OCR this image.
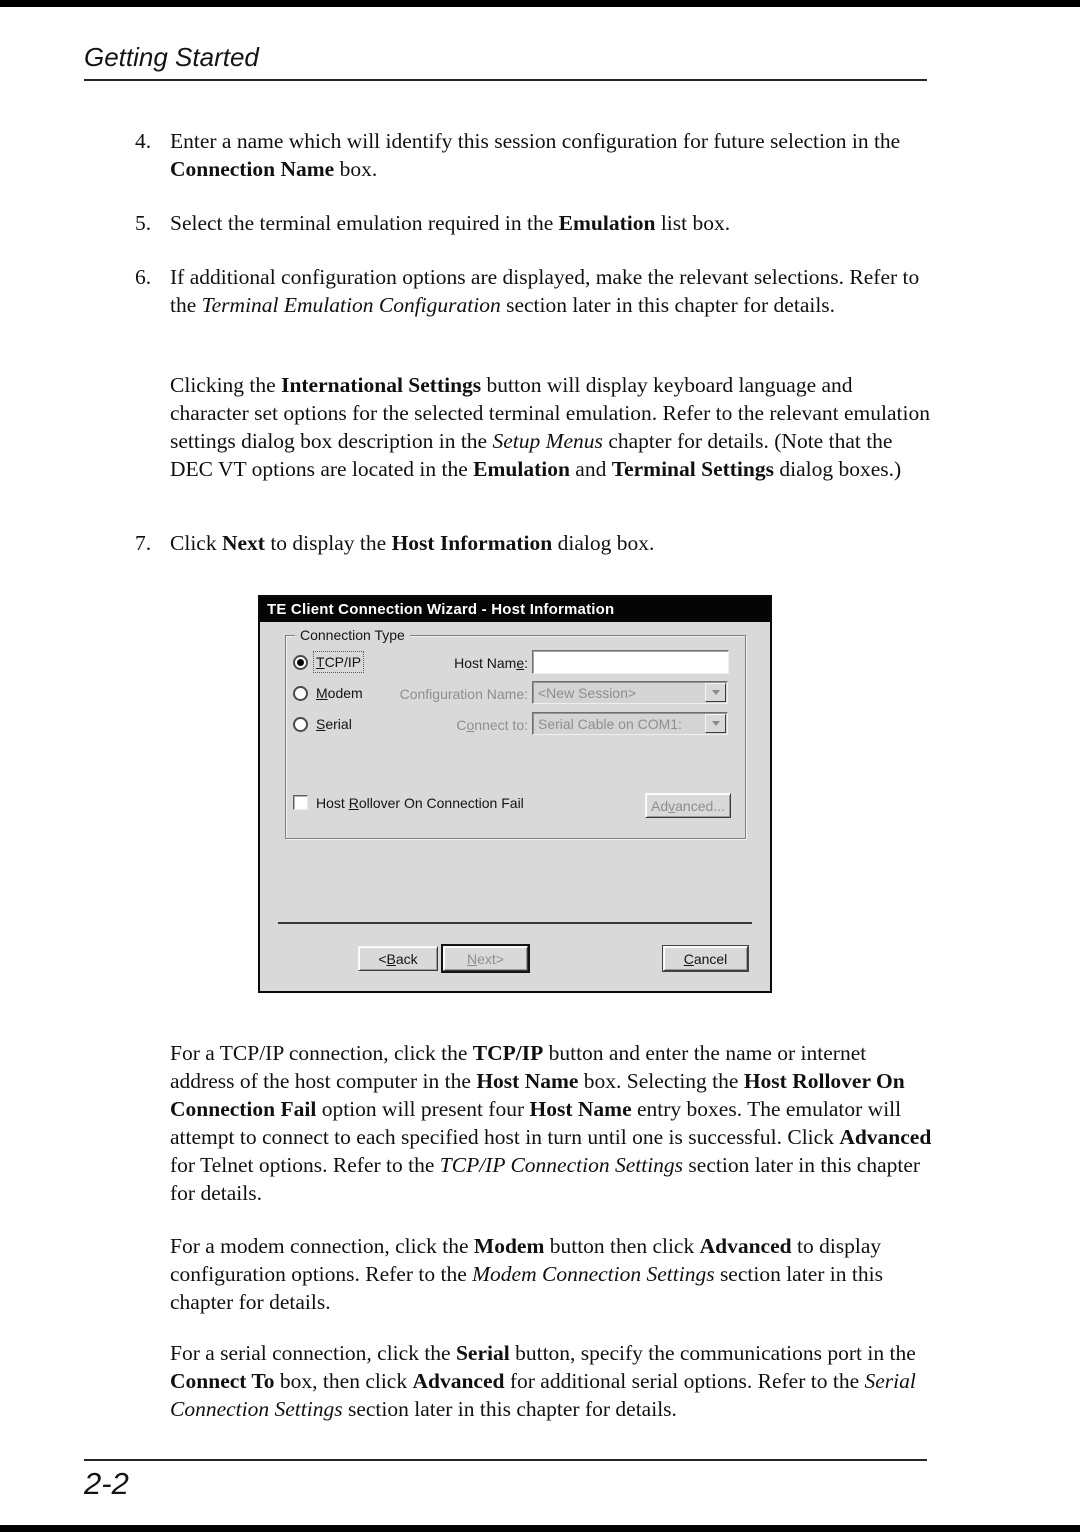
Getting Started
4. Enter a name which will identify this session configuration for future selection in the Connection Name box.
5. Select the terminal emulation required in the Emulation list box.
6. If additional configuration options are displayed, make the relevant selections. Refer to the Terminal Emulation Configuration section later in this chapter for details.
Clicking the International Settings button will display keyboard language and character set options for the selected terminal emulation. Refer to the relevant emulation settings dialog box description in the Setup Menus chapter for details. (Note that the DEC VT options are located in the Emulation and Terminal Settings dialog boxes.)
7. Click Next to display the Host Information dialog box.
TE Client Connection Wizard - Host Information
Connection Type
TCP/IP
Modem
Serial
Host Name:
Configuration Name: <New Session>
Connect to: Serial Cable on COM1:
Host Rollover On Connection Fail	Advanced...
<Back	Next>	Cancel
For a TCP/IP connection, click the TCP/IP button and enter the name or internet address of the host computer in the Host Name box. Selecting the Host Rollover On Connection Fail option will present four Host Name entry boxes. The emulator will attempt to connect to each specified host in turn until one is successful. Click Advanced for Telnet options. Refer to the TCP/IP Connection Settings section later in this chapter for details.
For a modem connection, click the Modem button then click Advanced to display configuration options. Refer to the Modem Connection Settings section later in this chapter for details.
For a serial connection, click the Serial button, specify the communications port in the Connect To box, then click Advanced for additional serial options. Refer to the Serial Connection Settings section later in this chapter for details.
2-2
